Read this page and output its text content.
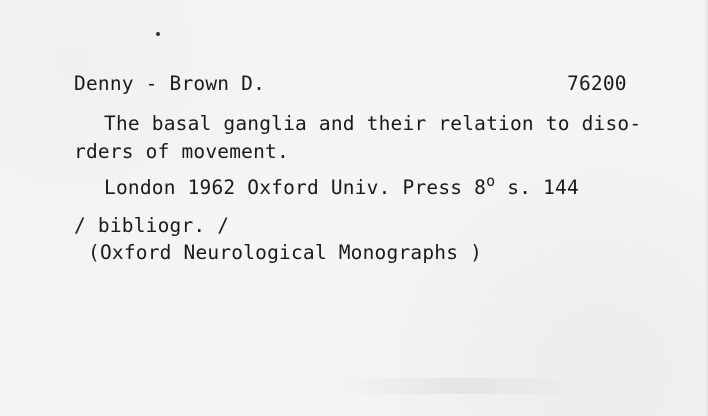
Denny - Brown D.	76200
The basal ganglia and their relation to diso-
rders of movement.
London 1962 Oxford Univ. Press 8$^o$ s. 144
/ bibliogr. /
(Oxford Neurological Monographs )
